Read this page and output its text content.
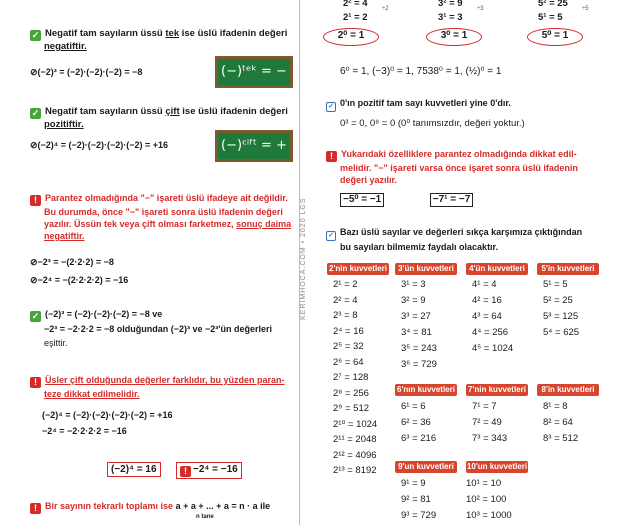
✓ Negatif tam sayıların üssü tek ise üslü ifadenin değeri
negatiftir.
⊘(−2)³ = (−2)·(−2)·(−2) = −8	(−)ᵗᵉᵏ = −
✓ Negatif tam sayıların üssü çift ise üslü ifadenin değeri
pozitiftir.
⊘(−2)⁴ = (−2)·(−2)·(−2)·(−2) = +16	(−)ᶜⁱᶠᵗ = +
! Parantez olmadığında "−" işareti üslü ifadeye ait değildir.
Bu durumda, önce "−" işareti sonra üslü ifadenin değeri
yazılır. Üssün tek veya çift olması farketmez, sonuç daima
negatiftir.
⊘−2³ = −(2·2·2) = −8
⊘−2⁴ = −(2·2·2·2) = −16
✓ (−2)³ = (−2)·(−2)·(−2) = −8 ve
−2³ = −2·2·2 = −8 olduğundan (−2)³ ve −2³'ün değerleri
eşittir.
! Üsler çift olduğunda değerler farklıdır, bu yüzden paran-
teze dikkat edilmelidir.
(−2)⁴ = (−2)·(−2)·(−2)·(−2) = +16
−2⁴ = −2·2·2·2 = −16
(−2)⁴ = 16	! −2⁴ = −16
! Bir sayının tekrarlı toplamı ise a + a + ... + a = n · a ile
n tane
KERIMHOCA.COM • 2020 LGS
2² = 4
2¹ = 2
÷2	3² = 9
3¹ = 3
÷3	5² = 25
5¹ = 5
÷5
2⁰ = 1	3⁰ = 1	5⁰ = 1
6⁰ = 1, (−3)⁰ = 1, 7538⁰ = 1, (½)⁰ = 1
✓ 0'ın pozitif tam sayı kuvvetleri yine 0'dır.
0³ = 0, 0⁸ = 0 (0⁰ tanımsızdır, değeri yoktur.)
! Yukarıdaki özelliklere parantez olmadığında dikkat edil-
melidir. "−" işareti varsa önce işaret sonra üslü ifadenin
değeri yazılır.
−5⁰ = −1	−7¹ = −7
✓ Bazı üslü sayılar ve değerleri sıkça karşımıza çıktığından
bu sayıları bilmemiz faydalı olacaktır.
2'nin kuvvetleri
2¹ = 2
2² = 4
2³ = 8
2⁴ = 16
2⁵ = 32
2⁶ = 64
2⁷ = 128
2⁸ = 256
2⁹ = 512
2¹⁰ = 1024
2¹¹ = 2048
2¹² = 4096
2¹³ = 8192
3'ün kuvvetleri
3¹ = 3
3² = 9
3³ = 27
3⁴ = 81
3⁵ = 243
3⁶ = 729
4'ün kuvvetleri
4¹ = 4
4² = 16
4³ = 64
4⁴ = 256
4⁵ = 1024
5'in kuvvetleri
5¹ = 5
5² = 25
5³ = 125
5⁴ = 625
6'nın kuvvetleri
6¹ = 6
6² = 36
6³ = 216
7'nin kuvvetleri
7¹ = 7
7² = 49
7³ = 343
8'in kuvvetleri
8¹ = 8
8² = 64
8³ = 512
9'un kuvvetleri
9¹ = 9
9² = 81
9³ = 729
10'un kuvvetleri
10¹ = 10
10² = 100
10³ = 1000
